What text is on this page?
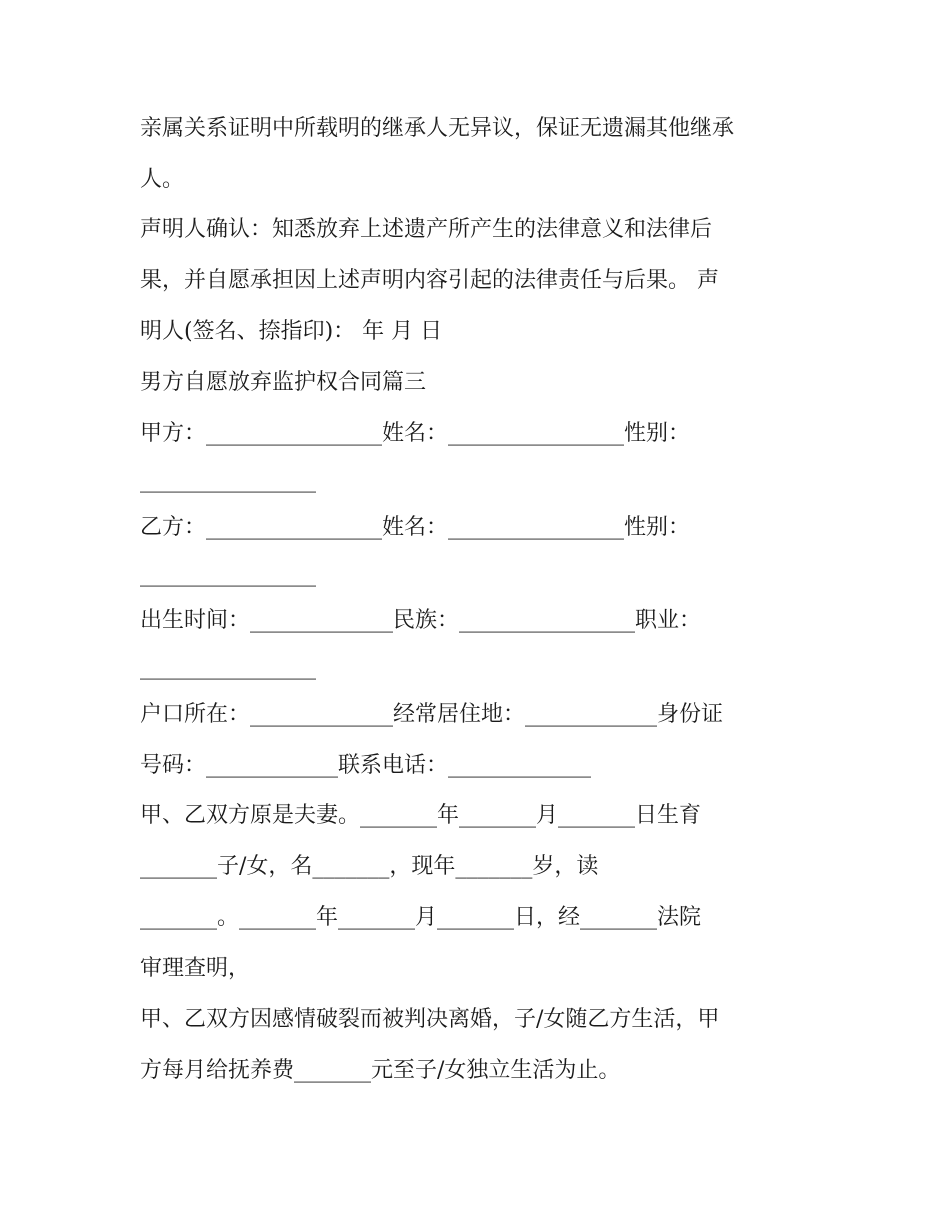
亲属关系证明中所载明的继承人无异议，保证无遗漏其他继承

人。

声明人确认：知悉放弃上述遗产所产生的法律意义和法律后

果，并自愿承担因上述声明内容引起的法律责任与后果。 声

明人(签名、捺指印)： 年 月 日

男方自愿放弃监护权合同篇三

甲方：________________姓名：________________性别：

________________

乙方：________________姓名：________________性别：

________________

出生时间：_____________民族：________________职业：

________________

户口所在：_____________经常居住地：____________身份证

号码：____________联系电话：_____________

甲、乙双方原是夫妻。_______年_______月_______日生育

_______子/女，名_______，现年_______岁，读

_______。_______年_______月_______日，经_______法院

审理查明，

甲、乙双方因感情破裂而被判决离婚，子/女随乙方生活，甲

方每月给抚养费_______元至子/女独立生活为止。
